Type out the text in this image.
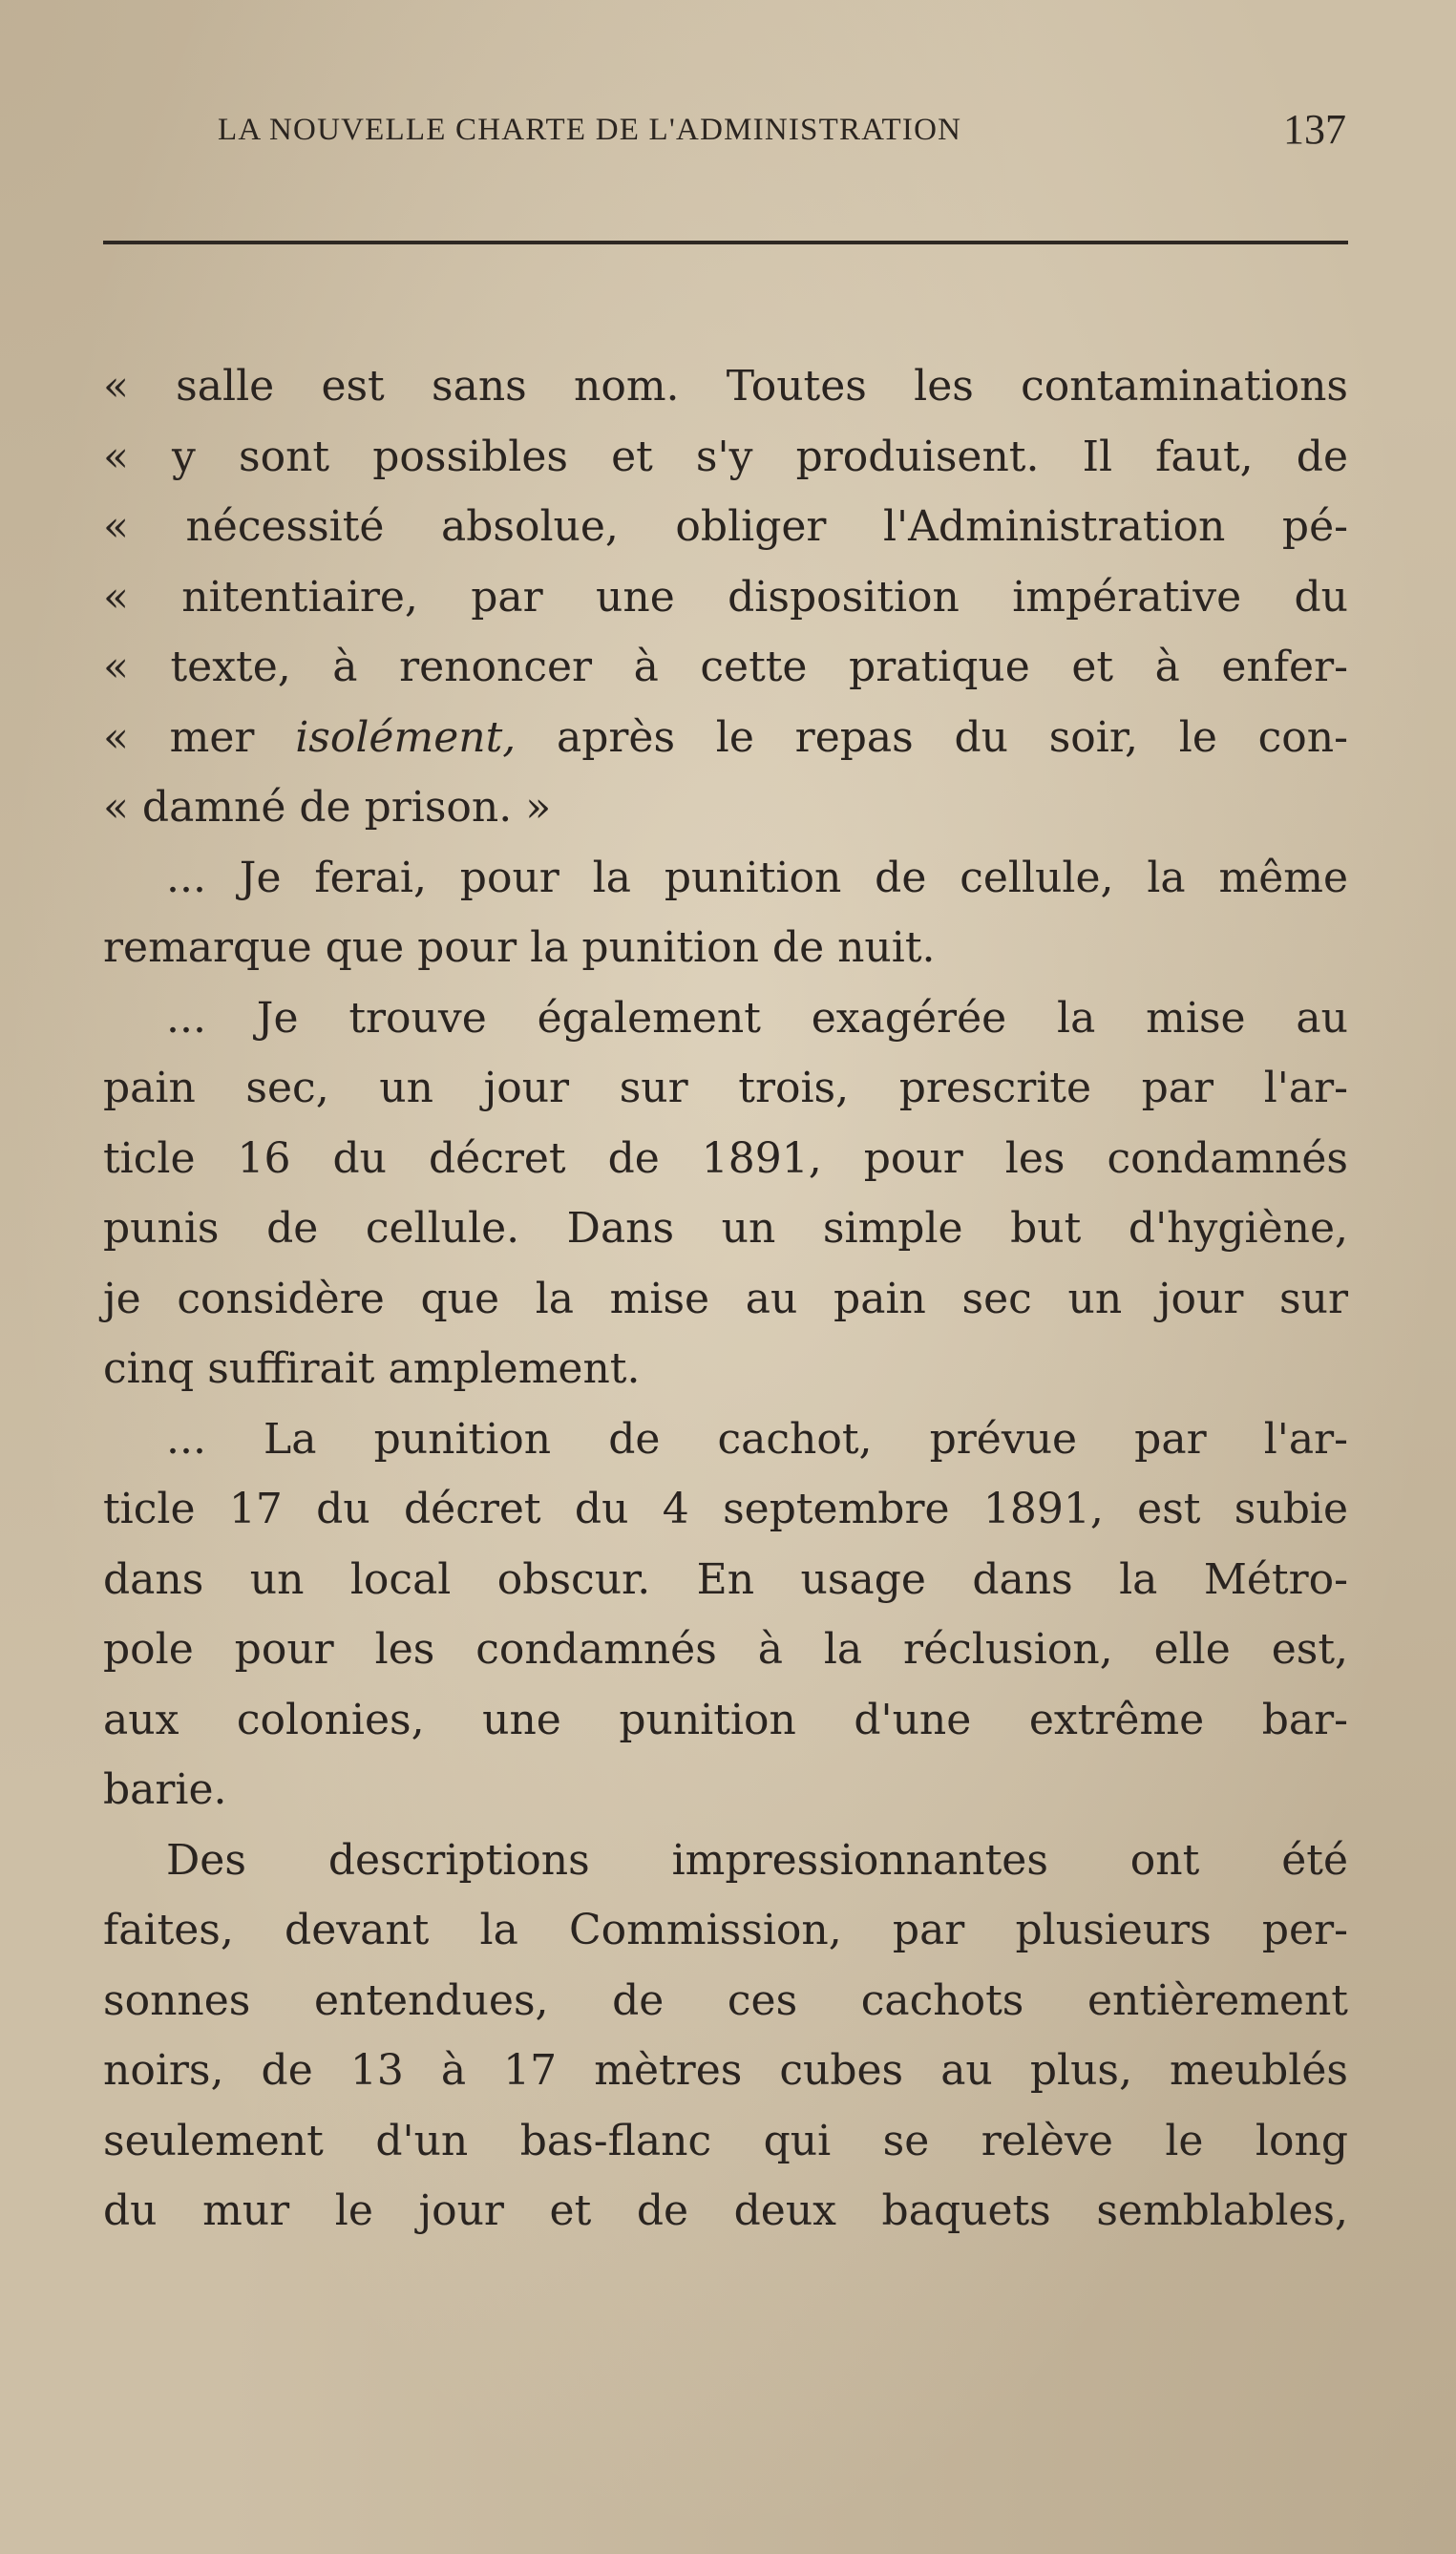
LA NOUVELLE CHARTE DE L'ADMINISTRATION	137
« salle est sans nom. Toutes les contaminations
« y sont possibles et s'y produisent. Il faut, de
« nécessité absolue, obliger l'Administration pé-
« nitentiaire, par une disposition impérative du
« texte, à renoncer à cette pratique et à enfer-
« mer isolément, après le repas du soir, le con-
« damné de prison. »
... Je ferai, pour la punition de cellule, la même
remarque que pour la punition de nuit.
... Je trouve également exagérée la mise au
pain sec, un jour sur trois, prescrite par l'ar-
ticle 16 du décret de 1891, pour les condamnés
punis de cellule. Dans un simple but d'hygiène,
je considère que la mise au pain sec un jour sur
cinq suffirait amplement.
... La punition de cachot, prévue par l'ar-
ticle 17 du décret du 4 septembre 1891, est subie
dans un local obscur. En usage dans la Métro-
pole pour les condamnés à la réclusion, elle est,
aux colonies, une punition d'une extrême bar-
barie.
Des descriptions impressionnantes ont été
faites, devant la Commission, par plusieurs per-
sonnes entendues, de ces cachots entièrement
noirs, de 13 à 17 mètres cubes au plus, meublés
seulement d'un bas-flanc qui se relève le long
du mur le jour et de deux baquets semblables,
